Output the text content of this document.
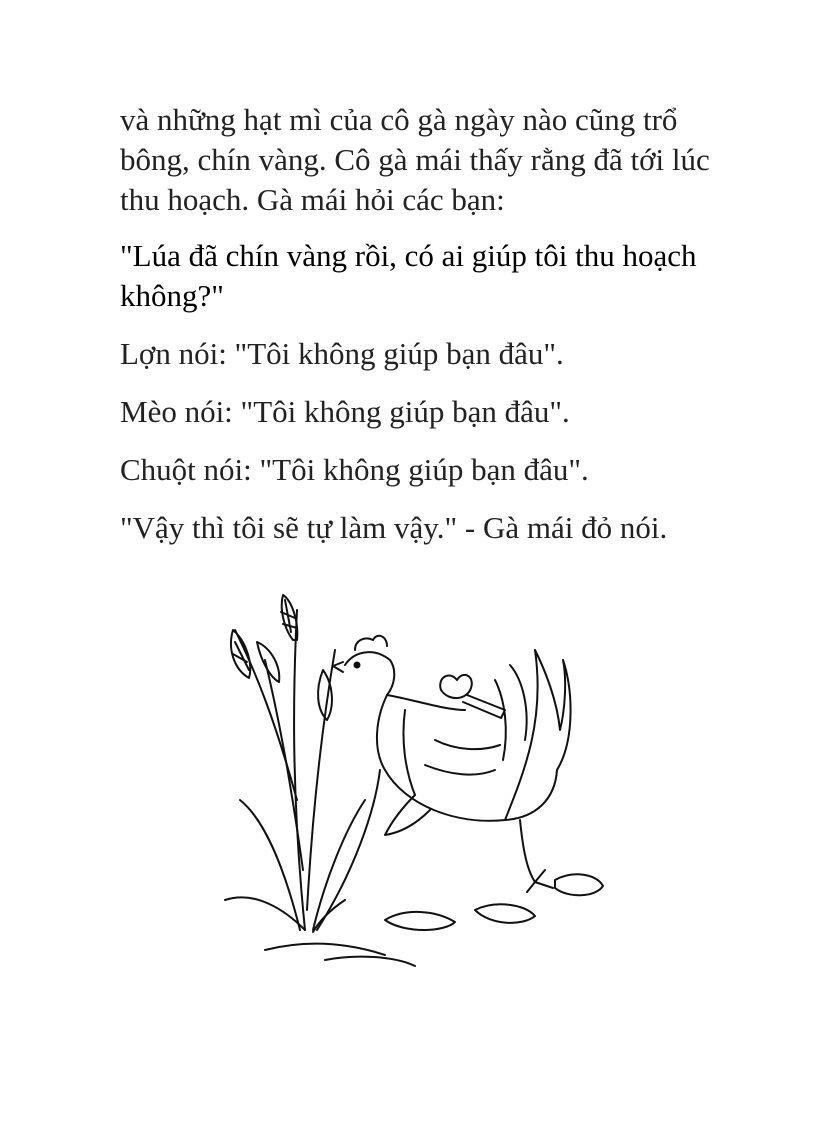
và những hạt mì của cô gà ngày nào cũng trổ bông, chín vàng. Cô gà mái thấy rằng đã tới lúc thu hoạch. Gà mái hỏi các bạn:

"Lúa đã chín vàng rồi, có ai giúp tôi thu hoạch không?"

Lợn nói: "Tôi không giúp bạn đâu".

Mèo nói: "Tôi không giúp bạn đâu".

Chuột nói: "Tôi không giúp bạn đâu".

"Vậy thì tôi sẽ tự làm vậy." - Gà mái đỏ nói.
